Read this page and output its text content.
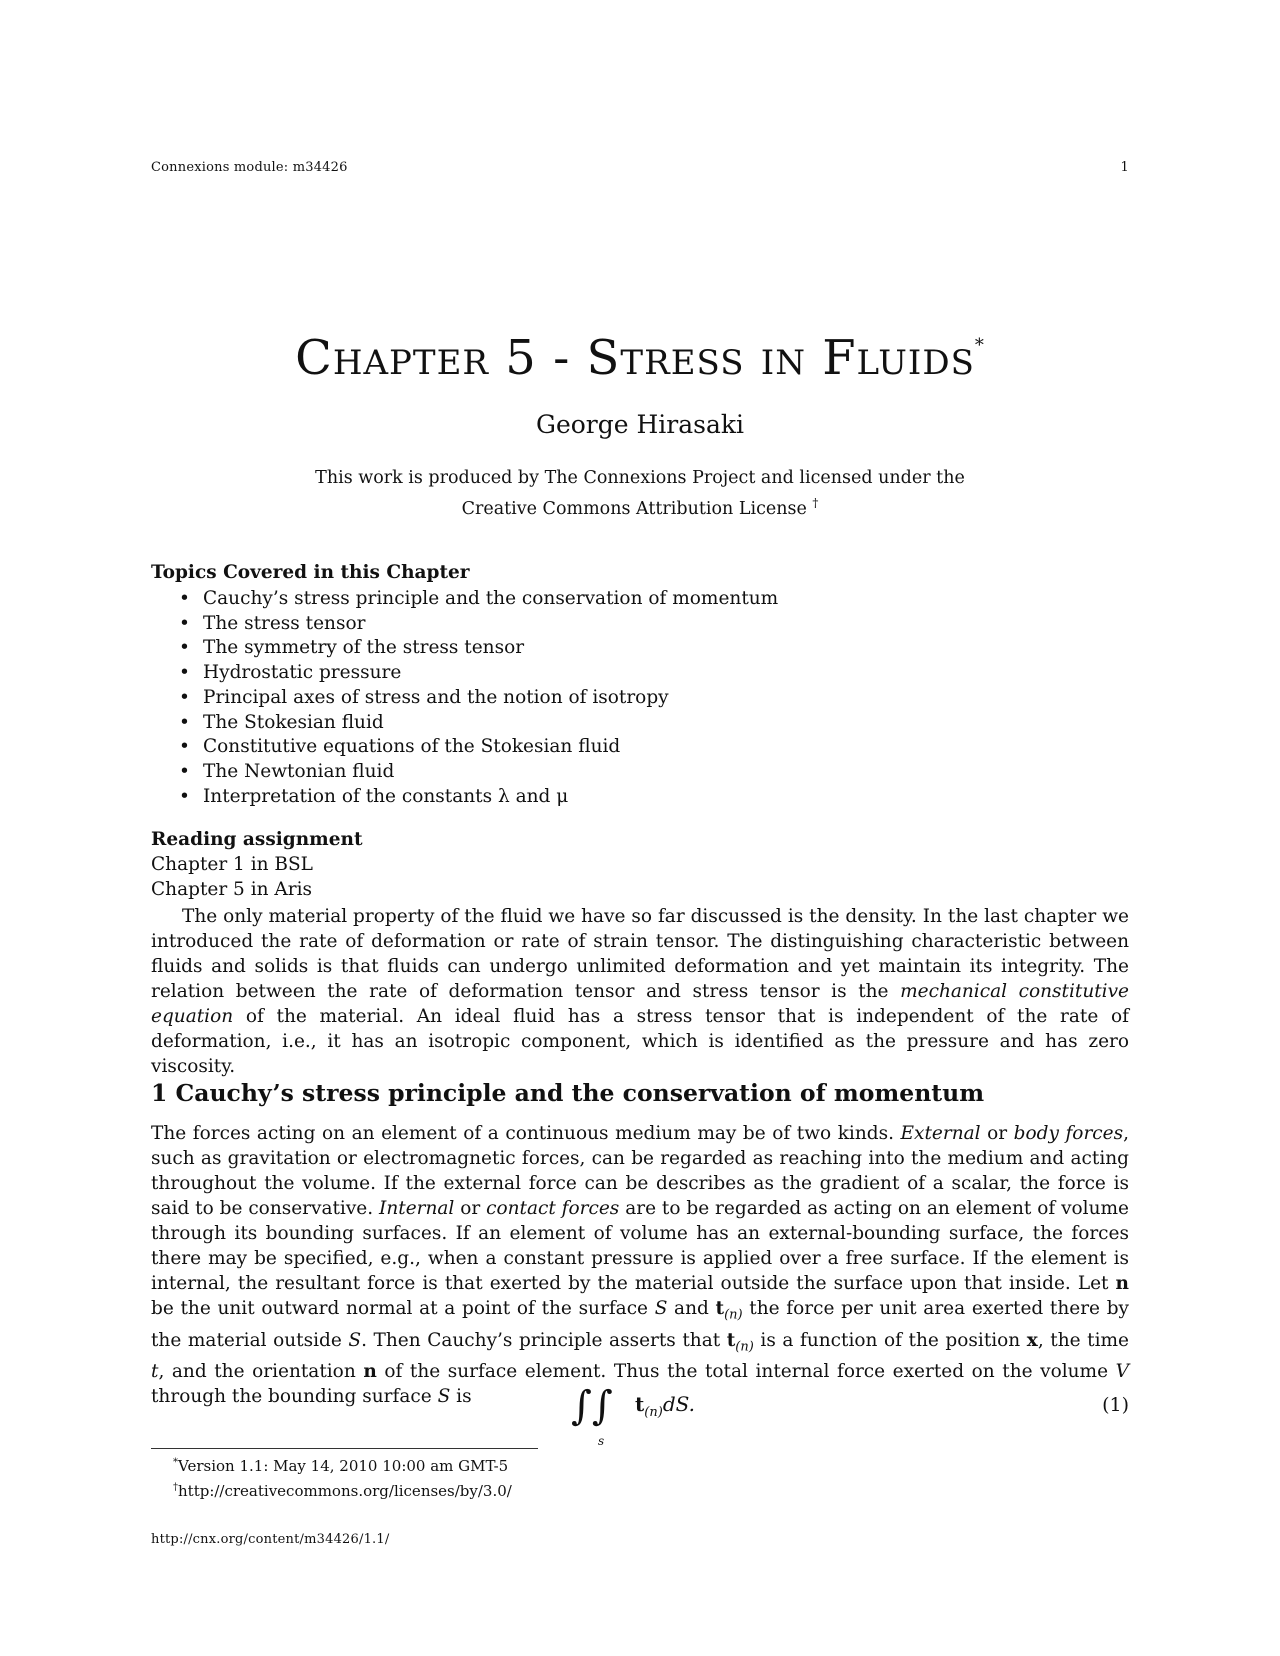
Connexions module: m34426	1
Chapter 5 - Stress in Fluids*
George Hirasaki
This work is produced by The Connexions Project and licensed under the
Creative Commons Attribution License †
Topics Covered in this Chapter
• Cauchy’s stress principle and the conservation of momentum
• The stress tensor
• The symmetry of the stress tensor
• Hydrostatic pressure
• Principal axes of stress and the notion of isotropy
• The Stokesian fluid
• Constitutive equations of the Stokesian fluid
• The Newtonian fluid
• Interpretation of the constants λ and μ
Reading assignment
Chapter 1 in BSL
Chapter 5 in Aris

The only material property of the fluid we have so far discussed is the density. In the last chapter we introduced the rate of deformation or rate of strain tensor. The distinguishing characteristic between fluids and solids is that fluids can undergo unlimited deformation and yet maintain its integrity. The relation between the rate of deformation tensor and stress tensor is the mechanical constitutive equation of the material. An ideal fluid has a stress tensor that is independent of the rate of deformation, i.e., it has an isotropic component, which is identified as the pressure and has zero viscosity.

1 Cauchy’s stress principle and the conservation of momentum

The forces acting on an element of a continuous medium may be of two kinds. External or body forces, such as gravitation or electromagnetic forces, can be regarded as reaching into the medium and acting throughout the volume. If the external force can be describes as the gradient of a scalar, the force is said to be conservative. Internal or contact forces are to be regarded as acting on an element of volume through its bounding surfaces. If an element of volume has an external-bounding surface, the forces there may be specified, e.g., when a constant pressure is applied over a free surface. If the element is internal, the resultant force is that exerted by the material outside the surface upon that inside. Let n be the unit outward normal at a point of the surface S and $t_{(n)}$ the force per unit area exerted there by the material outside S. Then Cauchy’s principle asserts that $t_{(n)}$ is a function of the position x, the time t, and the orientation n of the surface element. Thus the total internal force exerted on the volume V through the bounding surface S is	∫∫
s
$t_{(n)}dS$.	(1)
*Version 1.1: May 14, 2010 10:00 am GMT-5
†http://creativecommons.org/licenses/by/3.0/
http://cnx.org/content/m34426/1.1/
